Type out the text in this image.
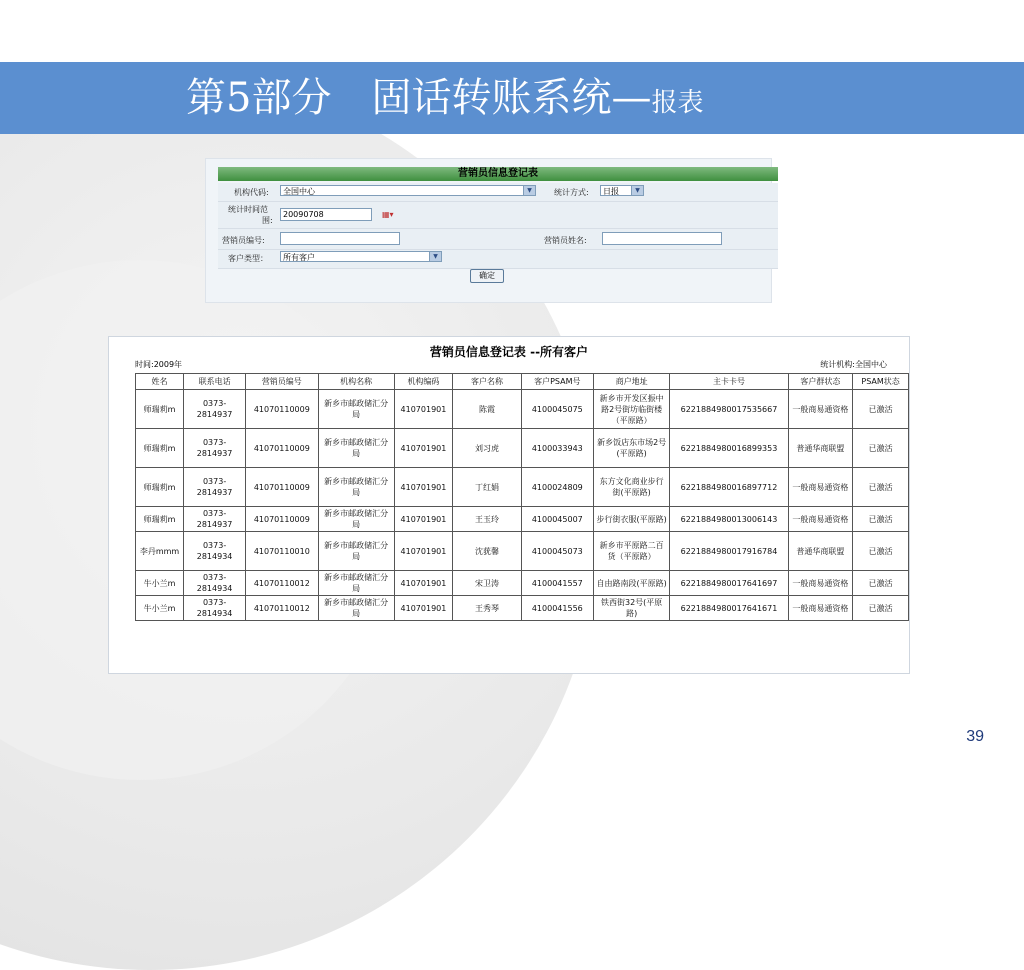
第5部分　固话转账系统—报表
营销员信息登记表
机构代码:	全国中心	▼	统计方式:	日报	▼
统计时间范
围:
20090708	▦▾
营销员编号:	营销员姓名:
客户类型：	所有客户	▼
确定
营销员信息登记表 --所有客户
时间:2009年	统计机构:全国中心
姓名	联系电话	营销员编号	机构名称	机构编码	客户名称	客户PSAM号	商户地址	主卡卡号	客户群状态	PSAM状态
师瑞莉m	0373-2814937	41070110009	新乡市邮政储汇分局	410701901	陈霞	4100045075	新乡市开发区振中路2号街坊临街楼（平原路）	6221884980017535667	一般商易通资格	已激活
师瑞莉m	0373-2814937	41070110009	新乡市邮政储汇分局	410701901	刘习虎	4100033943	新乡饭店东市场2号(平原路)	6221884980016899353	普通华商联盟	已激活
师瑞莉m	0373-2814937	41070110009	新乡市邮政储汇分局	410701901	丁红娟	4100024809	东方文化商业步行街(平原路)	6221884980016897712	一般商易通资格	已激活
师瑞莉m	0373-2814937	41070110009	新乡市邮政储汇分局	410701901	王玉玲	4100045007	步行街衣服(平原路)	6221884980013006143	一般商易通资格	已激活
李丹mmm	0373-2814934	41070110010	新乡市邮政储汇分局	410701901	沈莸馨	4100045073	新乡市平原路二百货（平原路）	6221884980017916784	普通华商联盟	已激活
牛小兰m	0373-2814934	41070110012	新乡市邮政储汇分局	410701901	宋卫涛	4100041557	自由路南段(平原路)	6221884980017641697	一般商易通资格	已激活
牛小兰m	0373-2814934	41070110012	新乡市邮政储汇分局	410701901	王秀琴	4100041556	铁西街32号(平原路)	6221884980017641671	一般商易通资格	已激活
39
